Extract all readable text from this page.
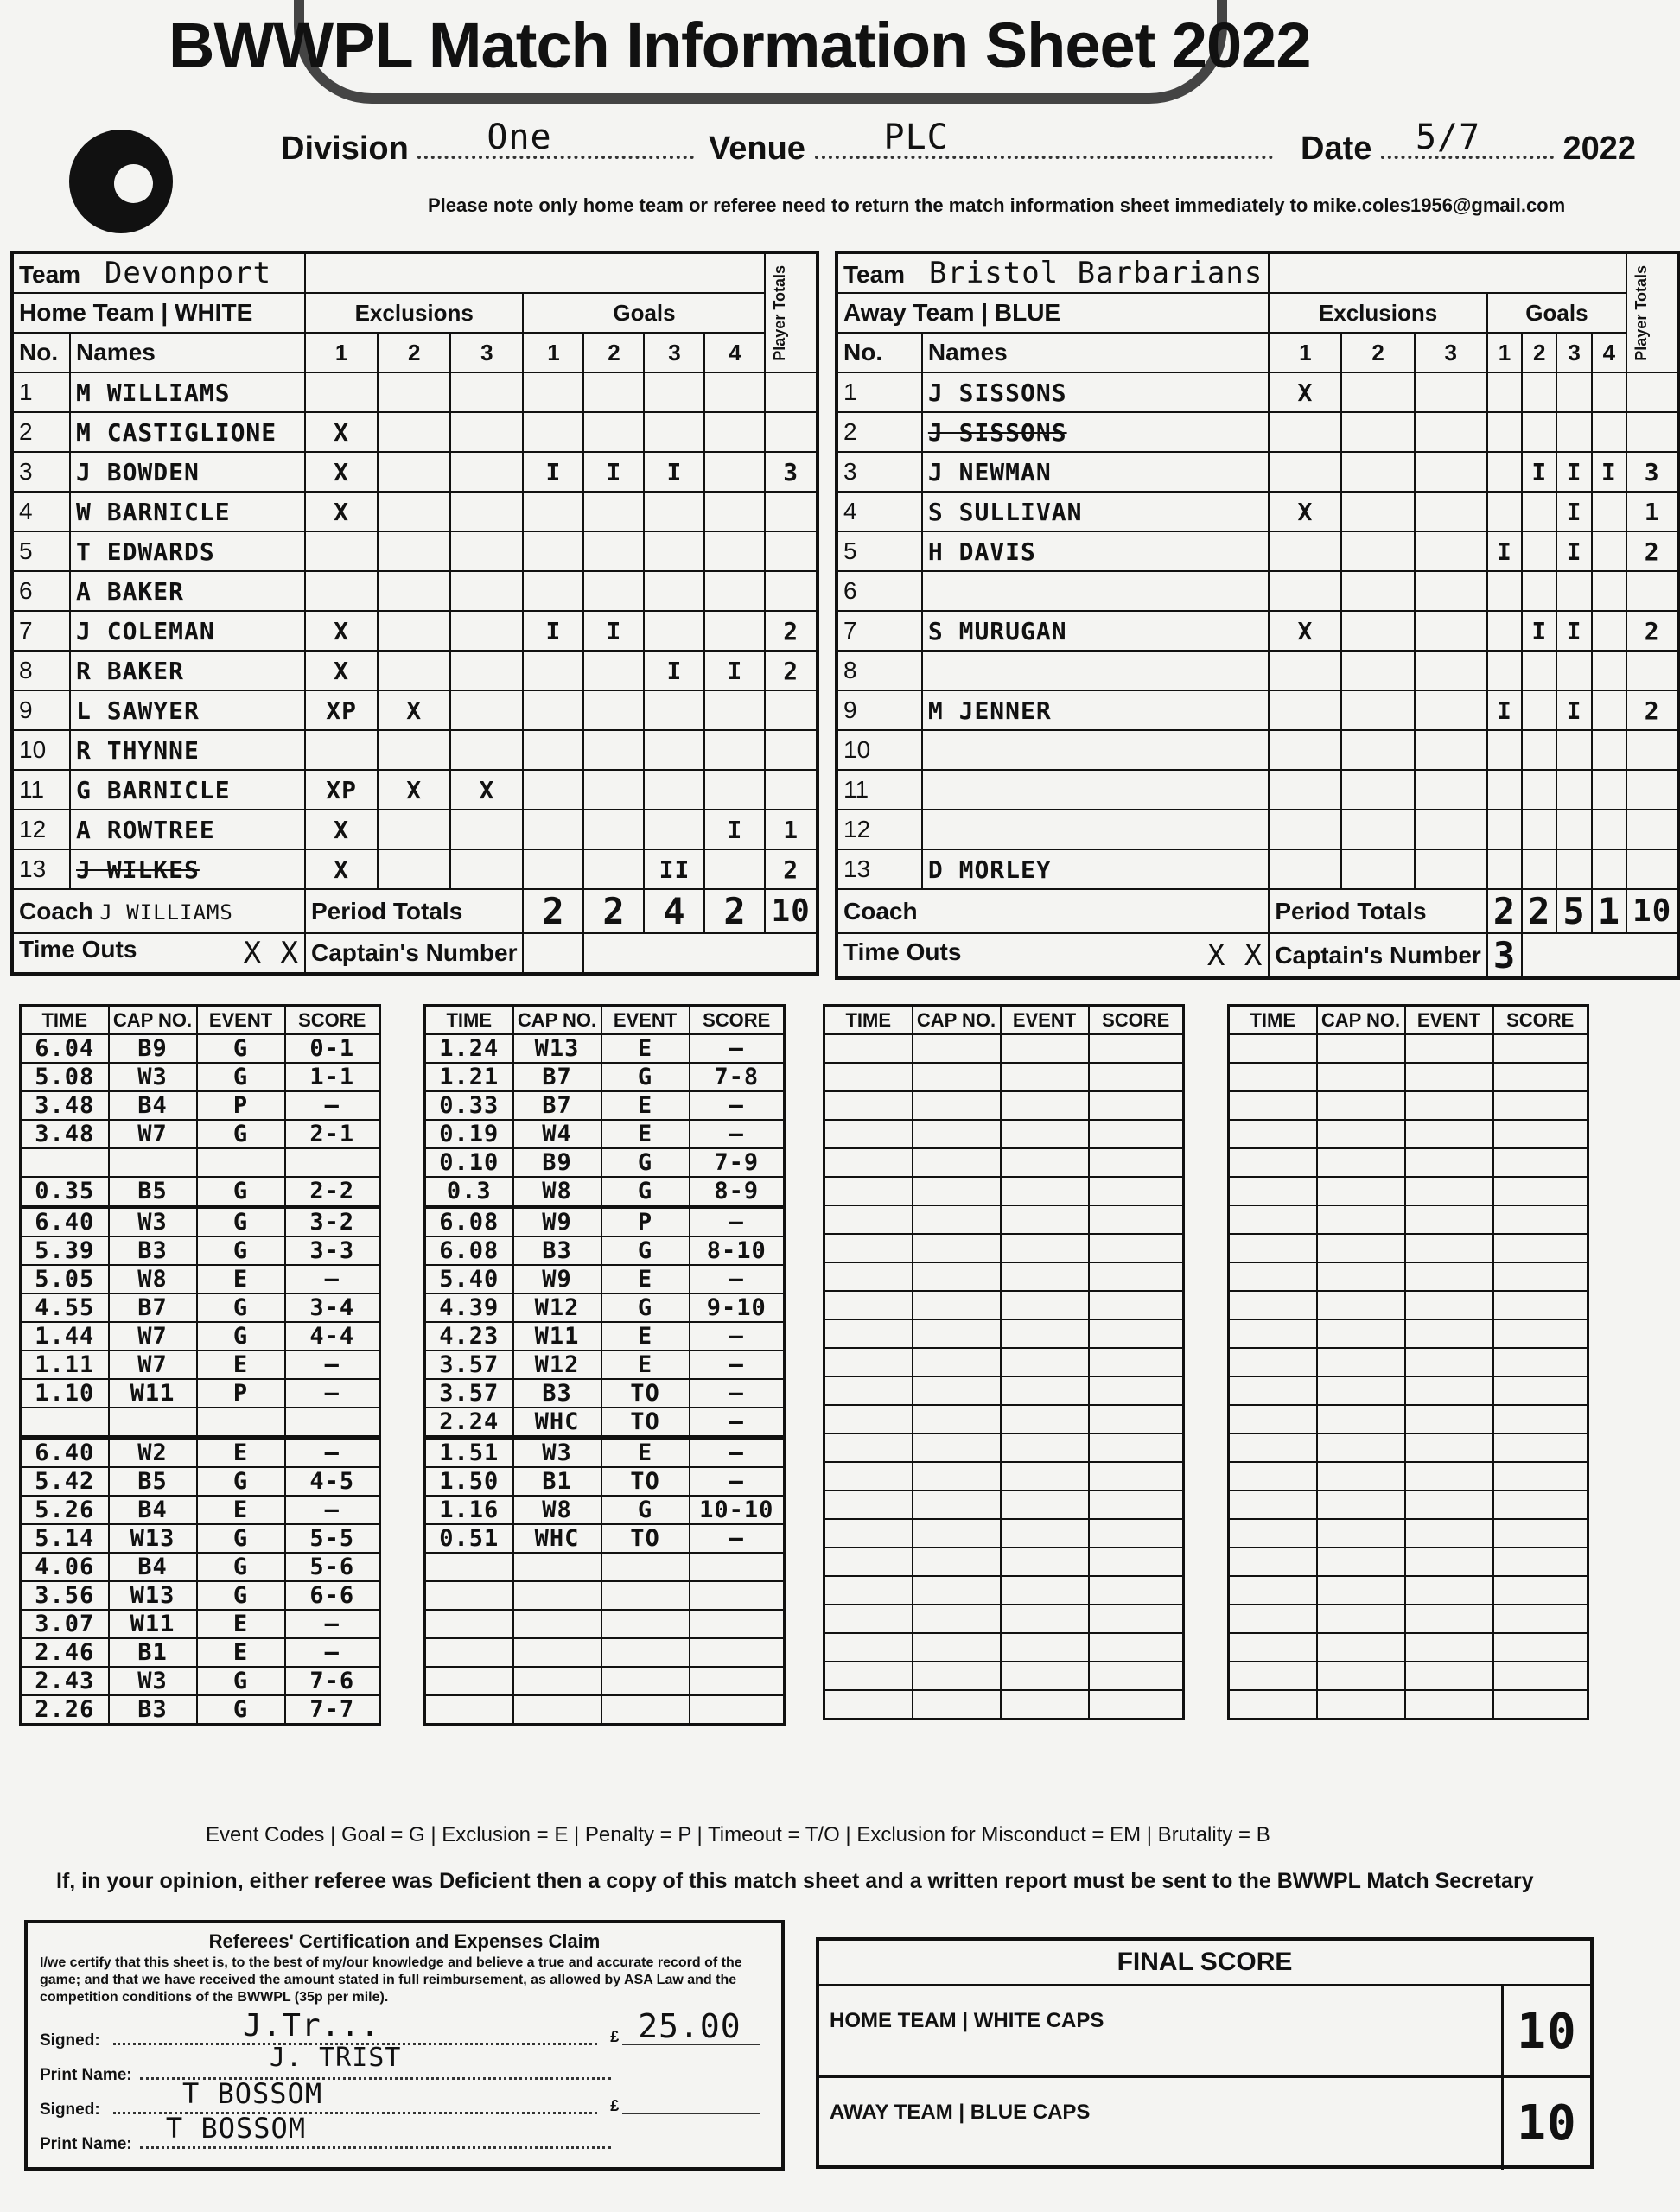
BWWPL Match Information Sheet 2022
Division One	Venue PLC	Date 5/7	2022
Please note only home team or referee need to return the match information sheet immediately to mike.coles1956@gmail.com
Team Devonport									Player Totals

Home Team | WHITE		Exclusions			Goals				
No.	Names	1	2	3	1	2	3	4	
1	M WILLIAMS								
2	M CASTIGLIONE	X							
3	J BOWDEN	X			I	I	I		3
4	W BARNICLE	X							
5	T EDWARDS								
6	A BAKER								
7	J COLEMAN	X			I	I			2
8	R BAKER	X					I	I	2
9	L SAWYER	XP	X						
10	R THYNNE								
11	G BARNICLE	XP	X	X					
12	A ROWTREE	X						I	1
13	J WILKES	X					II		2
Coach J WILLIAMS		Period Totals			2	2	4	2	10
Time Outs X X		Captain's Number							
Team Bristol Barbarians									Player Totals

Away Team | BLUE		Exclusions			Goals				
No.	Names	1	2	3	1	2	3	4	
1	J SISSONS	X							
2	J SISSONS								
3	J NEWMAN					I	I	I	3
4	S SULLIVAN	X					I		1
5	H DAVIS				I		I		2
6									
7	S MURUGAN	X				I	I		2
8									
9	M JENNER				I		I		2
10									
11									
12									
13	D MORLEY								
Coach		Period Totals			2	2	5	1	10
Time Outs X X		Captain's Number			3				
TIME	CAP NO.	EVENT	SCORE
6.04	B9	G	0-1
5.08	W3	G	1-1
3.48	B4	P	—
3.48	W7	G	2-1

0.35	B5	G	2-2
6.40	W3	G	3-2
5.39	B3	G	3-3
5.05	W8	E	—
4.55	B7	G	3-4
1.44	W7	G	4-4
1.11	W7	E	—
1.10	W11	P	—

6.40	W2	E	—
5.42	B5	G	4-5
5.26	B4	E	—
5.14	W13	G	5-5
4.06	B4	G	5-6
3.56	W13	G	6-6
3.07	W11	E	—
2.46	B1	E	—
2.43	W3	G	7-6
2.26	B3	G	7-7
TIME	CAP NO.	EVENT	SCORE
1.24	W13	E	—
1.21	B7	G	7-8
0.33	B7	E	—
0.19	W4	E	—
0.10	B9	G	7-9
0.3	W8	G	8-9
6.08	W9	P	—
6.08	B3	G	8-10
5.40	W9	E	—
4.39	W12	G	9-10
4.23	W11	E	—
3.57	W12	E	—
3.57	B3	TO	—
2.24	WHC	TO	—
1.51	W3	E	—
1.50	B1	TO	—
1.16	W8	G	10-10
0.51	WHC	TO	—

TIME	CAP NO.	EVENT	SCORE

				TIME	CAP NO.	EVENT	SCORE

Event Codes | Goal = G | Exclusion = E | Penalty = P | Timeout = T/O | Exclusion for Misconduct = EM | Brutality = B
If, in your opinion, either referee was Deficient then a copy of this match sheet and a written report must be sent to the BWWPL Match Secretary
Referees' Certification and Expenses Claim
I/we certify that this sheet is, to the best of my/our knowledge and believe a true and accurate record of the game; and that we have received the amount stated in full reimbursement, as allowed by ASA Law and the competition conditions of the BWWPL (35p per mile).
Signed:	J.Tr...
	25.00
£
Print Name:
J. TRIST
Signed:	T BOSSOM
	£
Print Name: T BOSSOM
FINAL SCORE
HOME TEAM | WHITE CAPS	10
AWAY TEAM | BLUE CAPS	10
